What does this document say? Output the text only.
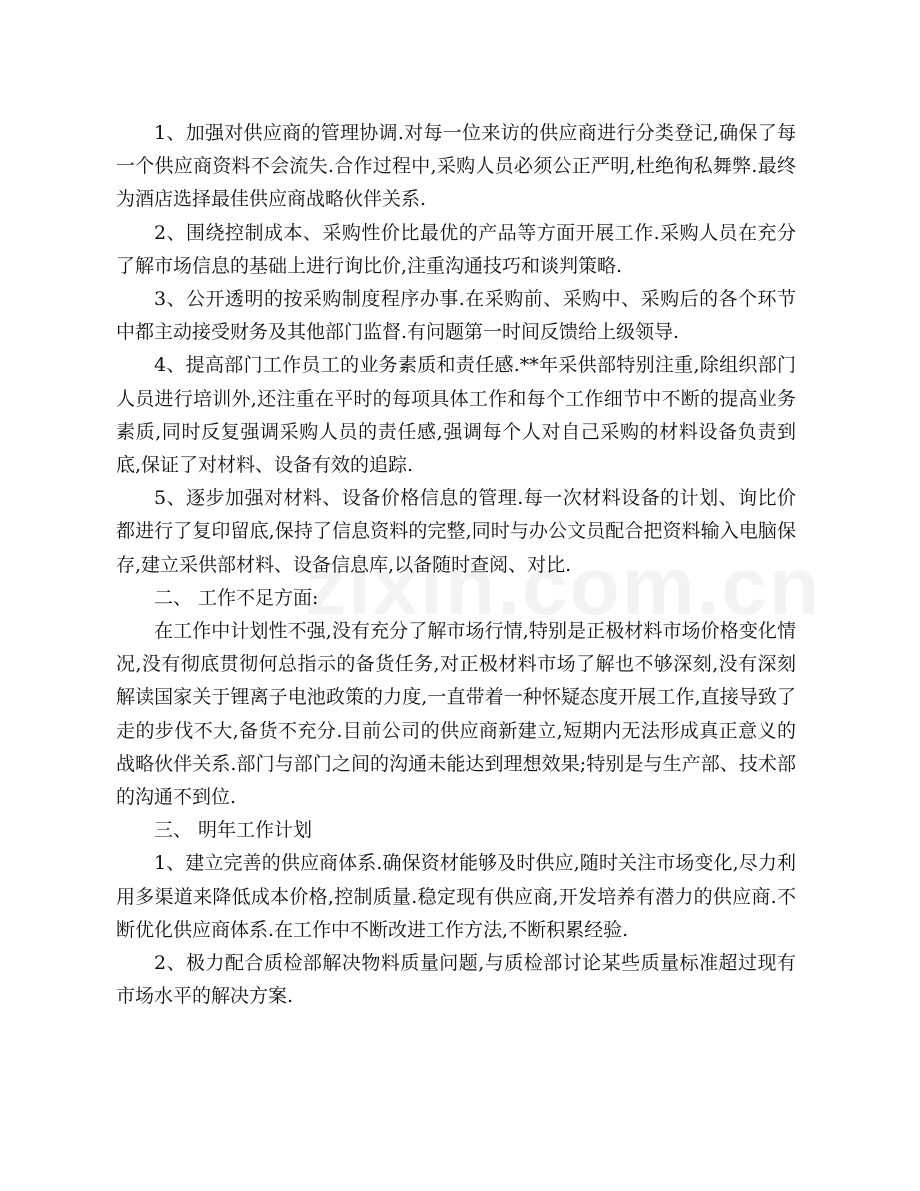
1、加强对供应商的管理协调.对每一位来访的供应商进行分类登记,确保了每一个供应商资料不会流失.合作过程中,采购人员必须公正严明,杜绝徇私舞弊.最终为酒店选择最佳供应商战略伙伴关系.

2、围绕控制成本、采购性价比最优的产品等方面开展工作.采购人员在充分了解市场信息的基础上进行询比价,注重沟通技巧和谈判策略.

3、公开透明的按采购制度程序办事.在采购前、采购中、采购后的各个环节中都主动接受财务及其他部门监督.有问题第一时间反馈给上级领导.

4、提高部门工作员工的业务素质和责任感.**年采供部特别注重,除组织部门人员进行培训外,还注重在平时的每项具体工作和每个工作细节中不断的提高业务素质,同时反复强调采购人员的责任感,强调每个人对自己采购的材料设备负责到底,保证了对材料、设备有效的追踪.

5、逐步加强对材料、设备价格信息的管理.每一次材料设备的计划、询比价都进行了复印留底,保持了信息资料的完整,同时与办公文员配合把资料输入电脑保存,建立采供部材料、设备信息库,以备随时查阅、对比.

二、 工作不足方面:

在工作中计划性不强,没有充分了解市场行情,特别是正极材料市场价格变化情况,没有彻底贯彻何总指示的备货任务,对正极材料市场了解也不够深刻,没有深刻解读国家关于锂离子电池政策的力度,一直带着一种怀疑态度开展工作,直接导致了走的步伐不大,备货不充分.目前公司的供应商新建立,短期内无法形成真正意义的战略伙伴关系.部门与部门之间的沟通未能达到理想效果;特别是与生产部、技术部的沟通不到位.

三、 明年工作计划

1、建立完善的供应商体系.确保资材能够及时供应,随时关注市场变化,尽力利用多渠道来降低成本价格,控制质量.稳定现有供应商,开发培养有潜力的供应商.不断优化供应商体系.在工作中不断改进工作方法,不断积累经验.

2、极力配合质检部解决物料质量问题,与质检部讨论某些质量标准超过现有市场水平的解决方案.
